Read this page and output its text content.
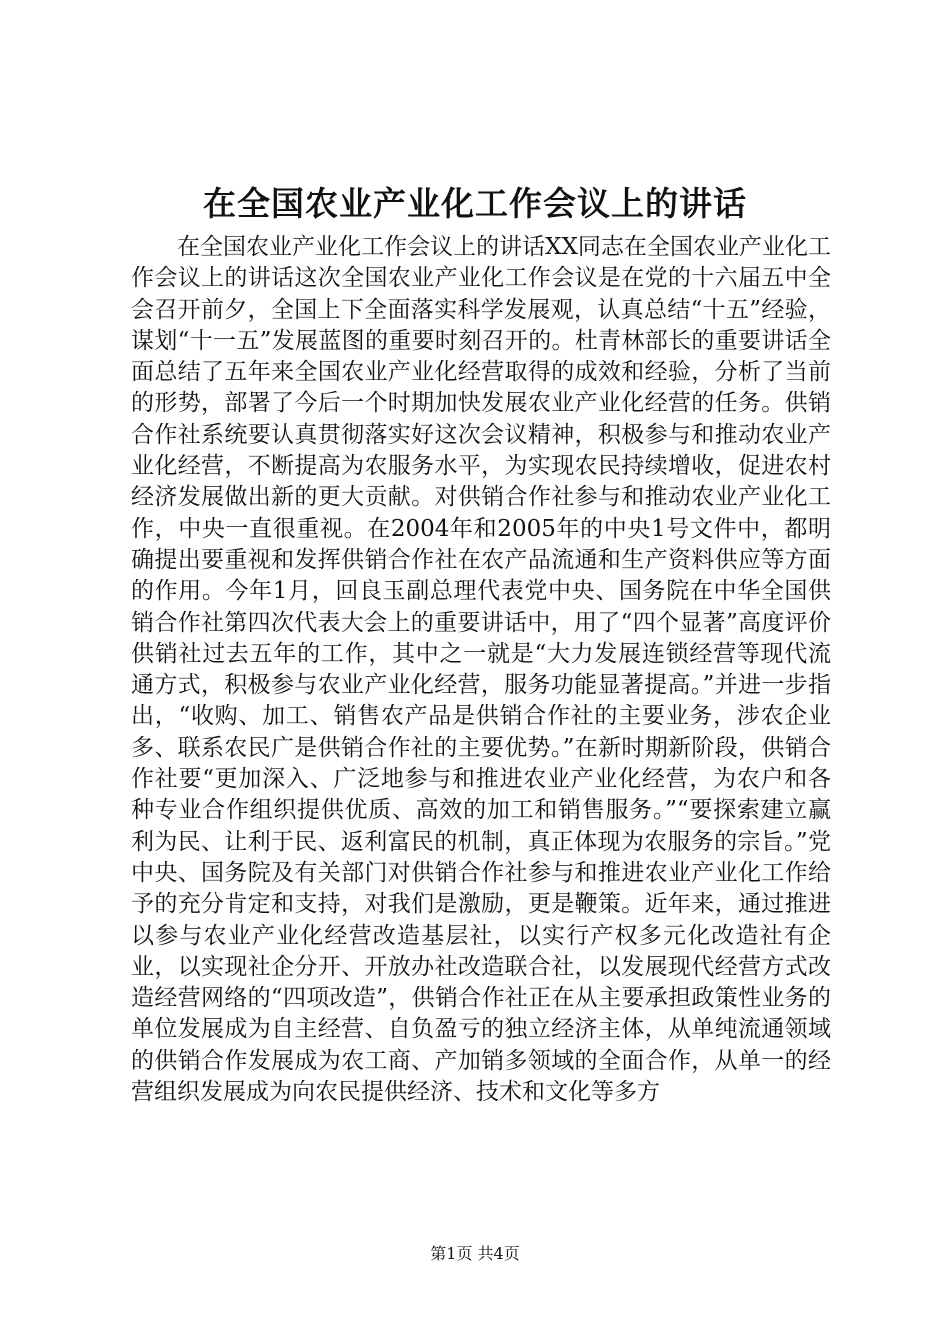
在全国农业产业化工作会议上的讲话

在全国农业产业化工作会议上的讲话XX同志在全国农业产业化工作会议上的讲话这次全国农业产业化工作会议是在党的十六届五中全会召开前夕，全国上下全面落实科学发展观，认真总结“十五”经验，谋划“十一五”发展蓝图的重要时刻召开的。杜青林部长的重要讲话全面总结了五年来全国农业产业化经营取得的成效和经验，分析了当前的形势，部署了今后一个时期加快发展农业产业化经营的任务。供销合作社系统要认真贯彻落实好这次会议精神，积极参与和推动农业产业化经营，不断提高为农服务水平，为实现农民持续增收，促进农村经济发展做出新的更大贡献。对供销合作社参与和推动农业产业化工作，中央一直很重视。在2004年和2005年的中央1号文件中，都明确提出要重视和发挥供销合作社在农产品流通和生产资料供应等方面的作用。今年1月，回良玉副总理代表党中央、国务院在中华全国供销合作社第四次代表大会上的重要讲话中，用了“四个显著”高度评价供销社过去五年的工作，其中之一就是“大力发展连锁经营等现代流通方式，积极参与农业产业化经营，服务功能显著提高。”并进一步指出，“收购、加工、销售农产品是供销合作社的主要业务，涉农企业多、联系农民广是供销合作社的主要优势。”在新时期新阶段，供销合作社要“更加深入、广泛地参与和推进农业产业化经营，为农户和各种专业合作组织提供优质、高效的加工和销售服务。”“要探索建立赢利为民、让利于民、返利富民的机制，真正体现为农服务的宗旨。”党中央、国务院及有关部门对供销合作社参与和推进农业产业化工作给予的充分肯定和支持，对我们是激励，更是鞭策。近年来，通过推进以参与农业产业化经营改造基层社，以实行产权多元化改造社有企业，以实现社企分开、开放办社改造联合社，以发展现代经营方式改造经营网络的“四项改造”，供销合作社正在从主要承担政策性业务的单位发展成为自主经营、自负盈亏的独立经济主体，从单纯流通领域的供销合作发展成为农工商、产加销多领域的全面合作，从单一的经营组织发展成为向农民提供经济、技术和文化等多方

第1页 共4页
